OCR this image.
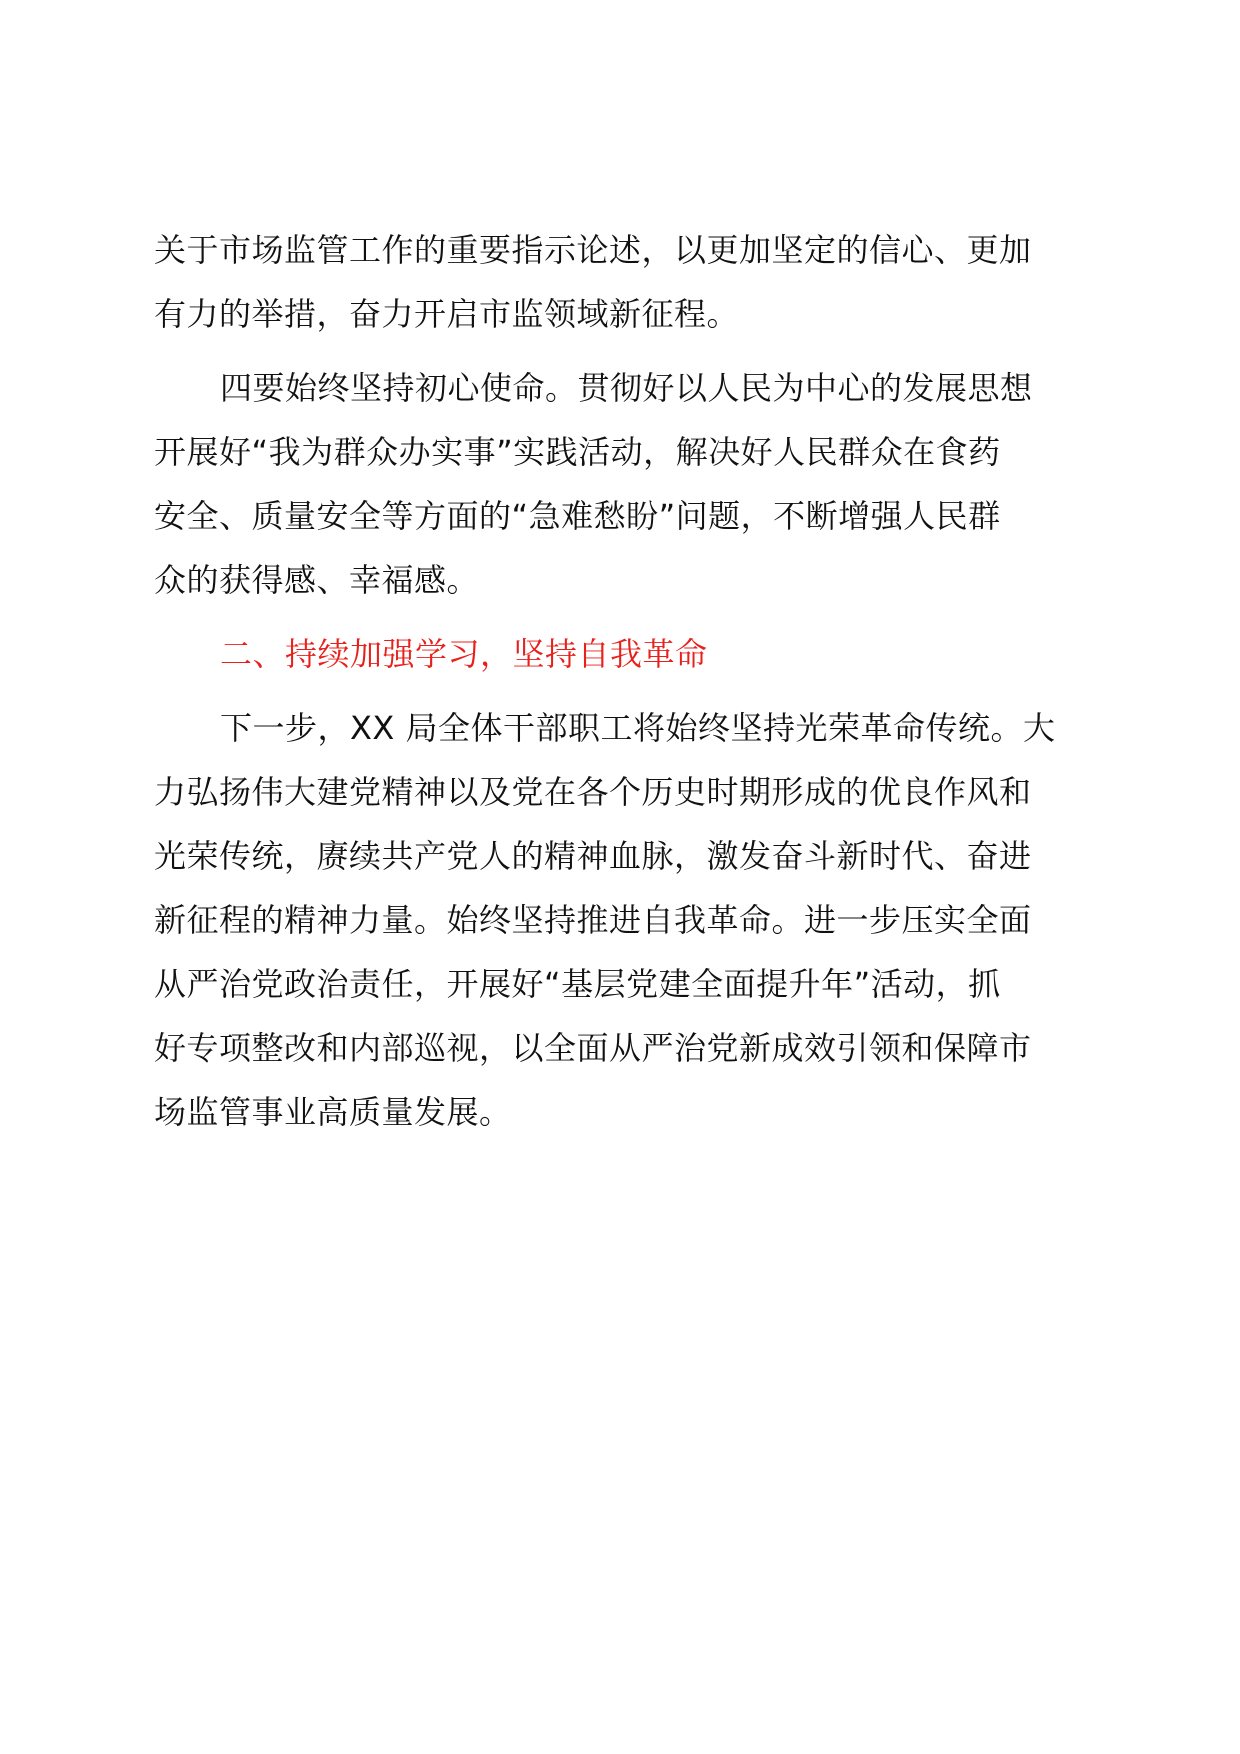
关于市场监管工作的重要指示论述，以更加坚定的信心、更加
有力的举措，奋力开启市监领域新征程。
四要始终坚持初心使命。贯彻好以人民为中心的发展思想
开展好“我为群众办实事”实践活动，解决好人民群众在食药
安全、质量安全等方面的“急难愁盼”问题，不断增强人民群
众的获得感、幸福感。
二、持续加强学习，坚持自我革命
下一步，XX 局全体干部职工将始终坚持光荣革命传统。大
力弘扬伟大建党精神以及党在各个历史时期形成的优良作风和
光荣传统，赓续共产党人的精神血脉，激发奋斗新时代、奋进
新征程的精神力量。始终坚持推进自我革命。进一步压实全面
从严治党政治责任，开展好“基层党建全面提升年”活动，抓
好专项整改和内部巡视，以全面从严治党新成效引领和保障市
场监管事业高质量发展。
